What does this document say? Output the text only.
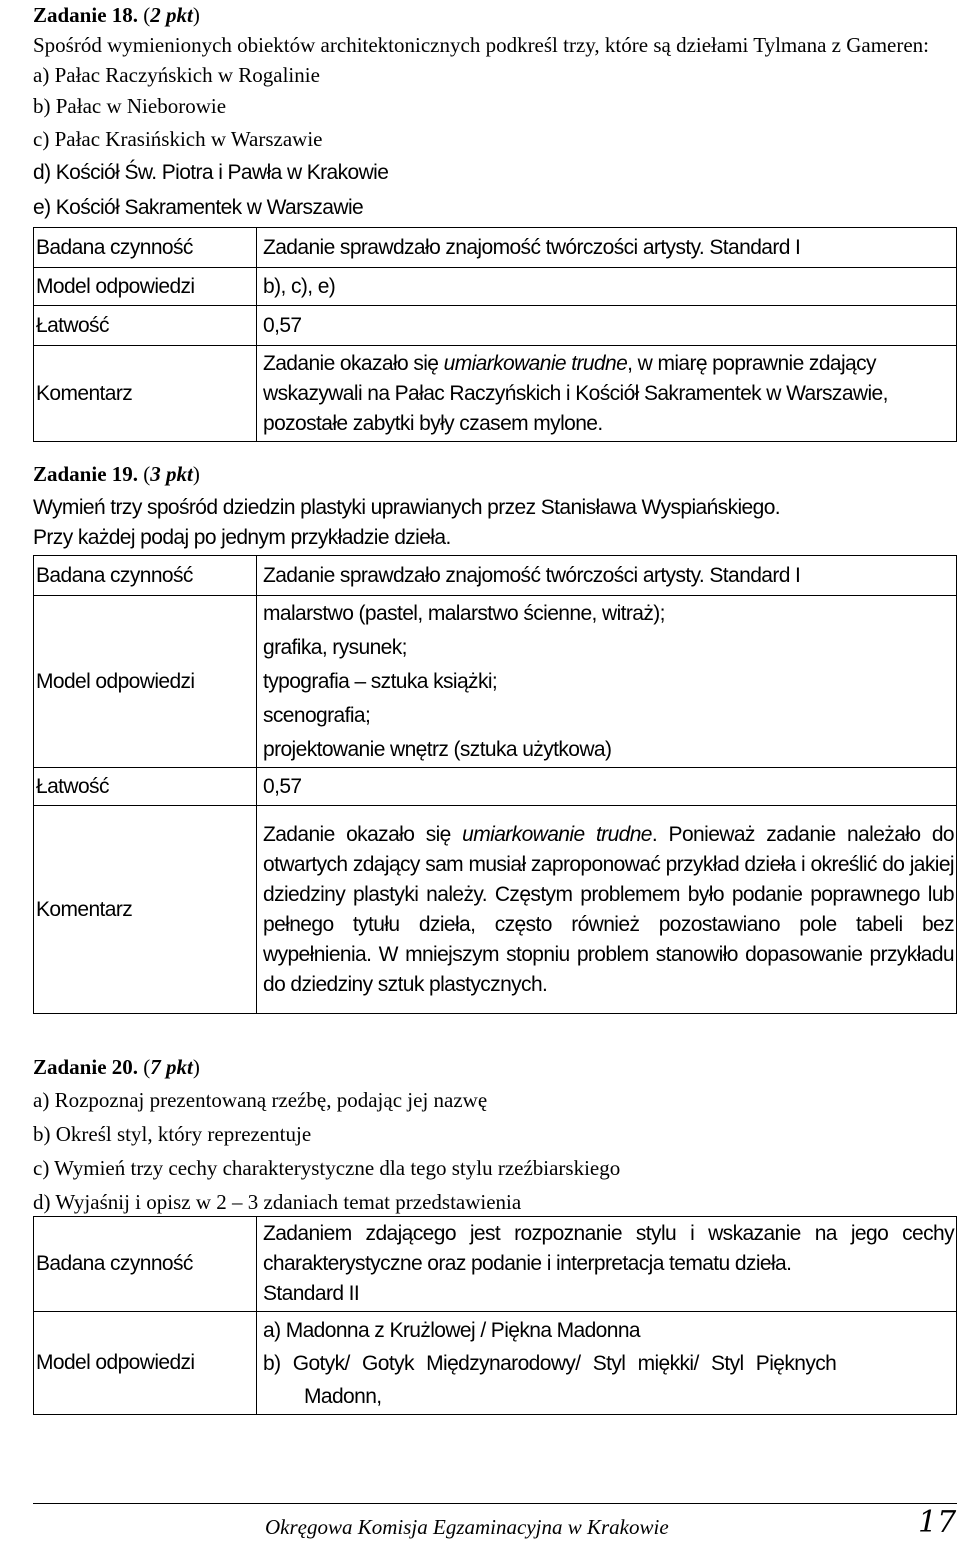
Zadanie 18. (2 pkt)
Spośród wymienionych obiektów architektonicznych podkreśl trzy, które są dziełami Tylmana z Gameren:
a) Pałac Raczyńskich w Rogalinie
b) Pałac w Nieborowie
c) Pałac Krasińskich w Warszawie
d) Kościół Św. Piotra i Pawła w Krakowie
e) Kościół Sakramentek w Warszawie
Badana czynność	Zadanie sprawdzało znajomość twórczości artysty. Standard I
Model odpowiedzi	b), c), e)
Łatwość	0,57
Komentarz	Zadanie okazało się umiarkowanie trudne, w miarę poprawnie zdający wskazywali na Pałac Raczyńskich i Kościół Sakramentek w Warszawie, pozostałe zabytki były czasem mylone.
Zadanie 19. (3 pkt)
Wymień trzy spośród dziedzin plastyki uprawianych przez Stanisława Wyspiańskiego.
Przy każdej podaj po jednym przykładzie dzieła.
Badana czynność	Zadanie sprawdzało znajomość twórczości artysty. Standard I
Model odpowiedzi	malarstwo (pastel, malarstwo ścienne, witraż);
grafika, rysunek;
typografia – sztuka książki;
scenografia;
projektowanie wnętrz (sztuka użytkowa)

Łatwość	0,57
Komentarz	Zadanie okazało się umiarkowanie trudne. Ponieważ zadanie należało do otwartych zdający sam musiał zaproponować przykład dzieła i określić do jakiej dziedziny plastyki należy. Częstym problemem było podanie poprawnego lub pełnego tytułu dzieła, często również pozostawiano pole tabeli bez wypełnienia. W mniejszym stopniu problem stanowiło dopasowanie przykładu do dziedziny sztuk plastycznych.
Zadanie 20. (7 pkt)
a) Rozpoznaj prezentowaną rzeźbę, podając jej nazwę
b) Określ styl, który reprezentuje
c) Wymień trzy cechy charakterystyczne dla tego stylu rzeźbiarskiego
d) Wyjaśnij i opisz w 2 – 3 zdaniach temat przedstawienia
Badana czynność	Zadaniem zdającego jest rozpoznanie stylu i wskazanie na jego cechy charakterystyczne oraz podanie i interpretacja tematu dzieła.
Standard II

Model odpowiedzi	a) Madonna z Krużlowej / Piękna Madonna
b) Gotyk/ Gotyk Międzynarodowy/ Styl miękki/ Styl Pięknych
Madonn,
Okręgowa Komisja Egzaminacyjna w Krakowie	17
